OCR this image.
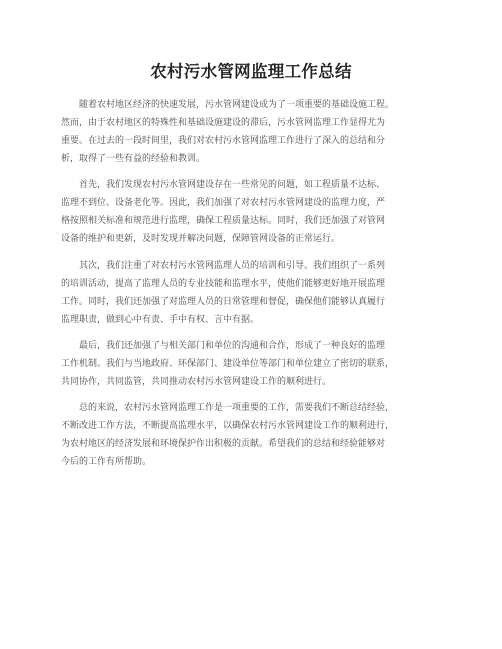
农村污水管网监理工作总结
随着农村地区经济的快速发展，污水管网建设成为了一项重要的基础设施工程。
然而，由于农村地区的特殊性和基础设施建设的滞后，污水管网监理工作显得尤为
重要。在过去的一段时间里，我们对农村污水管网监理工作进行了深入的总结和分
析，取得了一些有益的经验和教训。
首先，我们发现农村污水管网建设存在一些常见的问题，如工程质量不达标、
监理不到位、设备老化等。因此，我们加强了对农村污水管网建设的监理力度，严
格按照相关标准和规范进行监理，确保工程质量达标。同时，我们还加强了对管网
设备的维护和更新，及时发现并解决问题，保障管网设备的正常运行。
其次，我们注重了对农村污水管网监理人员的培训和引导。我们组织了一系列
的培训活动，提高了监理人员的专业技能和监理水平，使他们能够更好地开展监理
工作。同时，我们还加强了对监理人员的日常管理和督促，确保他们能够认真履行
监理职责，做到心中有责、手中有权、言中有据。
最后，我们还加强了与相关部门和单位的沟通和合作，形成了一种良好的监理
工作机制。我们与当地政府、环保部门、建设单位等部门和单位建立了密切的联系，
共同协作，共同监管，共同推动农村污水管网建设工作的顺利进行。
总的来说，农村污水管网监理工作是一项重要的工作，需要我们不断总结经验，
不断改进工作方法，不断提高监理水平，以确保农村污水管网建设工作的顺利进行，
为农村地区的经济发展和环境保护作出积极的贡献。希望我们的总结和经验能够对
今后的工作有所帮助。
